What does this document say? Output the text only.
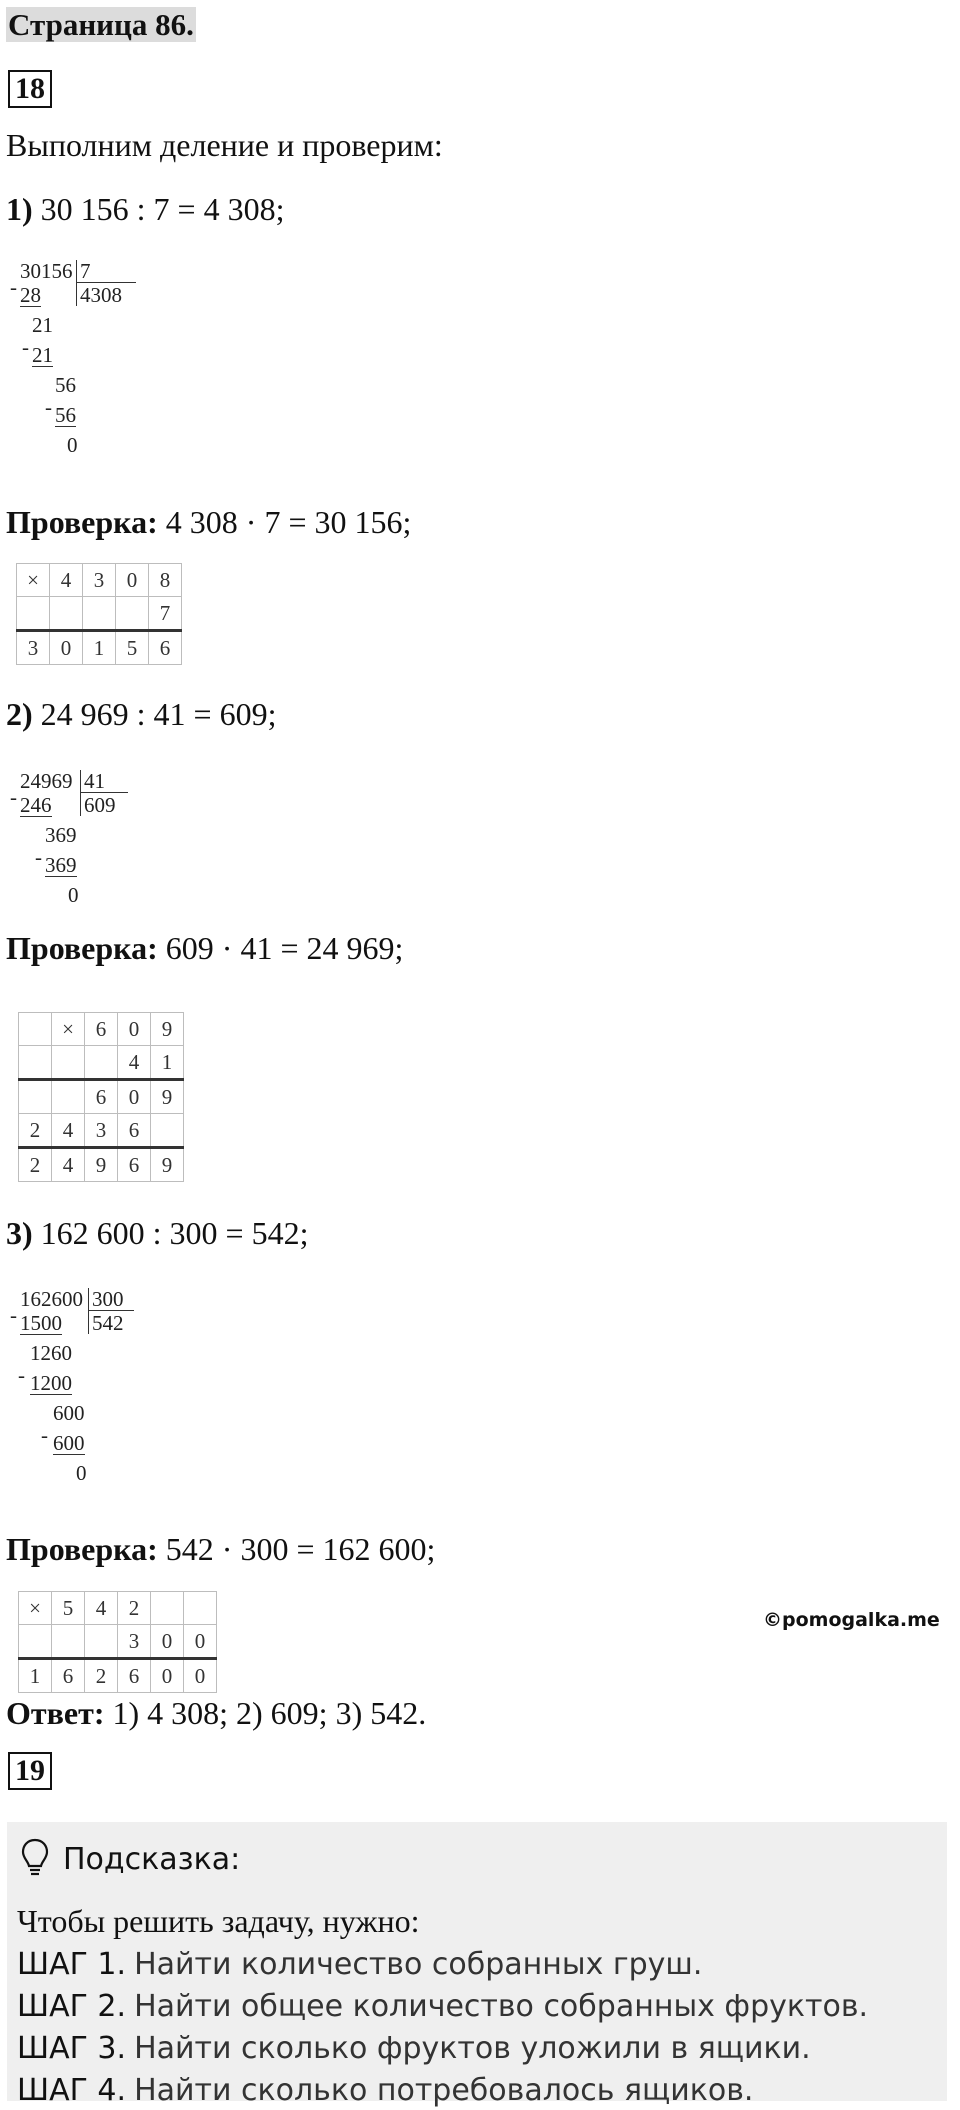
Страница 86.
18
Выполним деление и проверим:
1) 30 156 : 7 = 4 308;
30156 7
4308
- 28
21
- 21
56
- 56
0
Проверка: 4 308 · 7 = 30 156;
×	4	3	0	8
				7
3	0	1	5	6
2) 24 969 : 41 = 609;
24969 41
609
- 246
369
- 369
0
Проверка: 609 · 41 = 24 969;
	×	6	0	9
			4	1
		6	0	9
2	4	3	6	
2	4	9	6	9
3) 162 600 : 300 = 542;
162600 300
542
- 1500
1260
- 1200
600
- 600
0
Проверка: 542 · 300 = 162 600;
×	5	4	2		
			3	0	0
1	6	2	6	0	0
©pomogalka.me
Ответ: 1) 4 308; 2) 609; 3) 542.
19
Подсказка:
Чтобы решить задачу, нужно:
ШАГ 1. Найти количество собранных груш.
ШАГ 2. Найти общее количество собранных фруктов.
ШАГ 3. Найти сколько фруктов уложили в ящики.
ШАГ 4. Найти сколько потребовалось ящиков.
